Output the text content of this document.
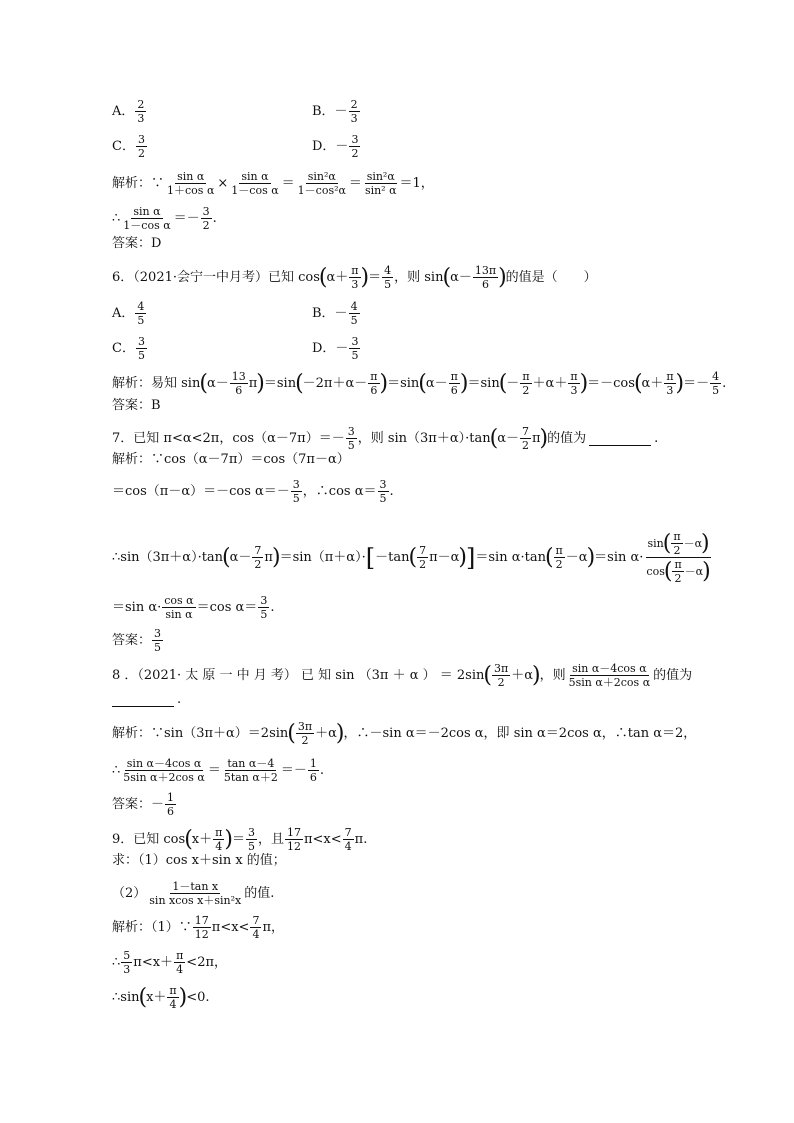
A． $\frac{2}{3}$	B．－ $\frac{2}{3}$
C． $\frac{3}{2}$	D．－ $\frac{3}{2}$
解析：∵ $\frac{\text{sin α}}{\text{1＋cos α}} \times \frac{\text{sin α}}{\text{1－cos α}} = \frac{\text{sin²α}}{\text{1－cos²α}} = \frac{\text{sin²α}}{\text{sin² α}} =1$，
∴ $\frac{\text{sin α}}{\text{1－cos α}} =- \frac{3}{2}$ .
答案：D
6．（2021·会宁一中月考）已知 cos ( $\alpha+ \frac{\pi}{3}$ ) ＝ $\frac{4}{5}$ ，则 sin ( $\alpha- \frac{13\pi}{6}$ ) 的值是（　　）
A． $\frac{4}{5}$	B．－ $\frac{4}{5}$
C． $\frac{3}{5}$	D．－ $\frac{3}{5}$
解析：易知 sin ( $\alpha- \frac{13}{6}$ π ) ＝sin ( $-2\pi+\alpha- \frac{\pi}{6}$ ) ＝sin ( $\alpha- \frac{\pi}{6}$ ) ＝sin ( － $\frac{\pi}{2} +\alpha+ \frac{\pi}{3}$ ) ＝－cos ( $\alpha+ \frac{\pi}{3}$ ) ＝－ $\frac{4}{5}$ .
答案：B
7．已知 π<α<2π，$\cos(\alpha-7\pi)=- \frac{3}{5}$ ，则 sin（3π＋α）·tan ( $\alpha- \frac{7}{2}$ π ) 的值为	.
解析：∵cos（α－7π）＝cos（7π－α）
＝cos（π－α）＝－cos $\alpha=- \frac{3}{5}$ ，∴cos $\alpha= \frac{3}{5}$ .
∴sin（3π＋α）·tan ( $\alpha- \frac{7}{2}$ π ) ＝sin（π＋α）· [ －tan ( $\frac{7}{2} \pi-\alpha$ ) ] ＝sin α·tan ( $\frac{\pi}{2} -\alpha$ ) ＝sin $\alpha\cdot \frac{\sin ( \frac{\pi}{2} -\alpha )}{\cos ( \frac{\pi}{2} -\alpha )}$
＝sin $\alpha\cdot \frac{\text{cos α}}{\text{sin α}} =\cos$ $\alpha= \frac{3}{5}$ .
答案： $\frac{3}{5}$
8 ．（2021· 太 原 一 中 月 考） 已 知 sin （3π ＋ α ） ＝ 2sin ( $\frac{3\pi}{2} +\alpha$ ) ，则 $\frac{\text{sin α－4cos α}}{\text{5sin α＋2cos α}}$ 的值为
.
解析：∵sin（3π＋α）＝2sin ( $\frac{3\pi}{2} +\alpha$ ) ，∴－sin α＝－2cos α，即 sin α＝2cos α，∴tan α＝2，
∴ $\frac{\text{sin α－4cos α}}{\text{5sin α＋2cos α}} = \frac{\text{tan α－4}}{\text{5tan α＋2}} =- \frac{1}{6}$ .
答案：－ $\frac{1}{6}$
9．已知 cos ( $x+ \frac{\pi}{4}$ ) ＝ $\frac{3}{5}$ ，且 $\frac{17}{12} \pi<x< \frac{7}{4} \pi$.
求：（1）cos x＋sin x 的值；
$(2) \frac{\text{1－tan x}}{\text{sin xcos x＋sin²x}}$ 的值.
解析：（1）∵ $\frac{17}{12} \pi<x< \frac{7}{4}$ π，
∴ $\frac{5}{3} \pi<x+ \frac{\pi}{4} <2\pi$，
∴sin ( $x+ \frac{\pi}{4}$ ) <0.
